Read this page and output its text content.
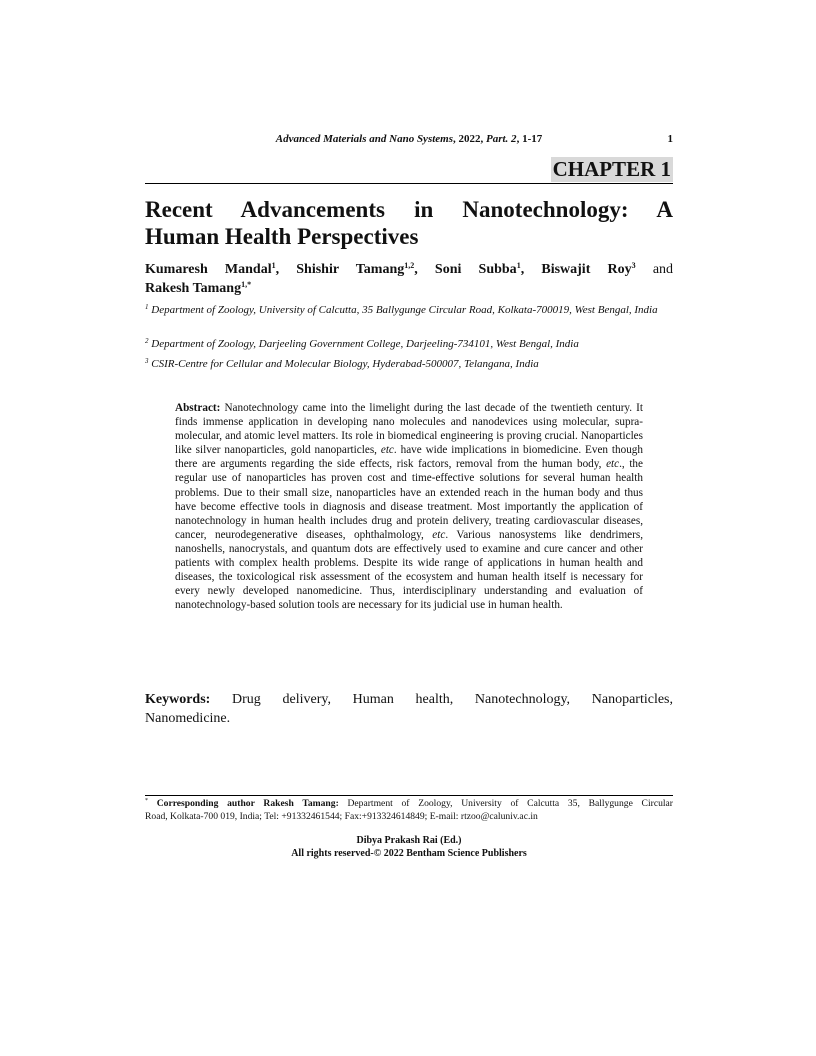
Advanced Materials and Nano Systems, 2022, Part. 2, 1-17	1
CHAPTER 1
Recent Advancements in Nanotechnology: A
Human Health Perspectives
Kumaresh Mandal$^1$, Shishir Tamang$^{1,2}$, Soni Subba$^1$, Biswajit Roy$^3$ and
Rakesh Tamang$^{1,*}$
$^1$ Department of Zoology, University of Calcutta, 35 Ballygunge Circular Road, Kolkata-700019, West Bengal, India
$^2$ Department of Zoology, Darjeeling Government College, Darjeeling-734101, West Bengal, India
$^3$ CSIR-Centre for Cellular and Molecular Biology, Hyderabad-500007, Telangana, India
Abstract: Nanotechnology came into the limelight during the last decade of the twentieth century. It finds immense application in developing nano molecules and nanodevices using molecular, supra-molecular, and atomic level matters. Its role in biomedical engineering is proving crucial. Nanoparticles like silver nanoparticles, gold nanoparticles, etc. have wide implications in biomedicine. Even though there are arguments regarding the side effects, risk factors, removal from the human body, etc., the regular use of nanoparticles has proven cost and time-effective solutions for several human health problems. Due to their small size, nanoparticles have an extended reach in the human body and thus have become effective tools in diagnosis and disease treatment. Most importantly the application of nanotechnology in human health includes drug and protein delivery, treating cardiovascular diseases, cancer, neurodegenerative diseases, ophthalmology, etc. Various nanosystems like dendrimers, nanoshells, nanocrystals, and quantum dots are effectively used to examine and cure cancer and other patients with complex health problems. Despite its wide range of applications in human health and diseases, the toxicological risk assessment of the ecosystem and human health itself is necessary for every newly developed nanomedicine. Thus, interdisciplinary understanding and evaluation of nanotechnology-based solution tools are necessary for its judicial use in human health.
Keywords: Drug delivery, Human health, Nanotechnology, Nanoparticles,
Nanomedicine.
* Corresponding author Rakesh Tamang: Department of Zoology, University of Calcutta 35, Ballygunge Circular
Road, Kolkata-700 019, India; Tel: +91332461544; Fax:+913324614849; E-mail: rtzoo@caluniv.ac.in
Dibya Prakash Rai (Ed.)
All rights reserved-© 2022 Bentham Science Publishers
